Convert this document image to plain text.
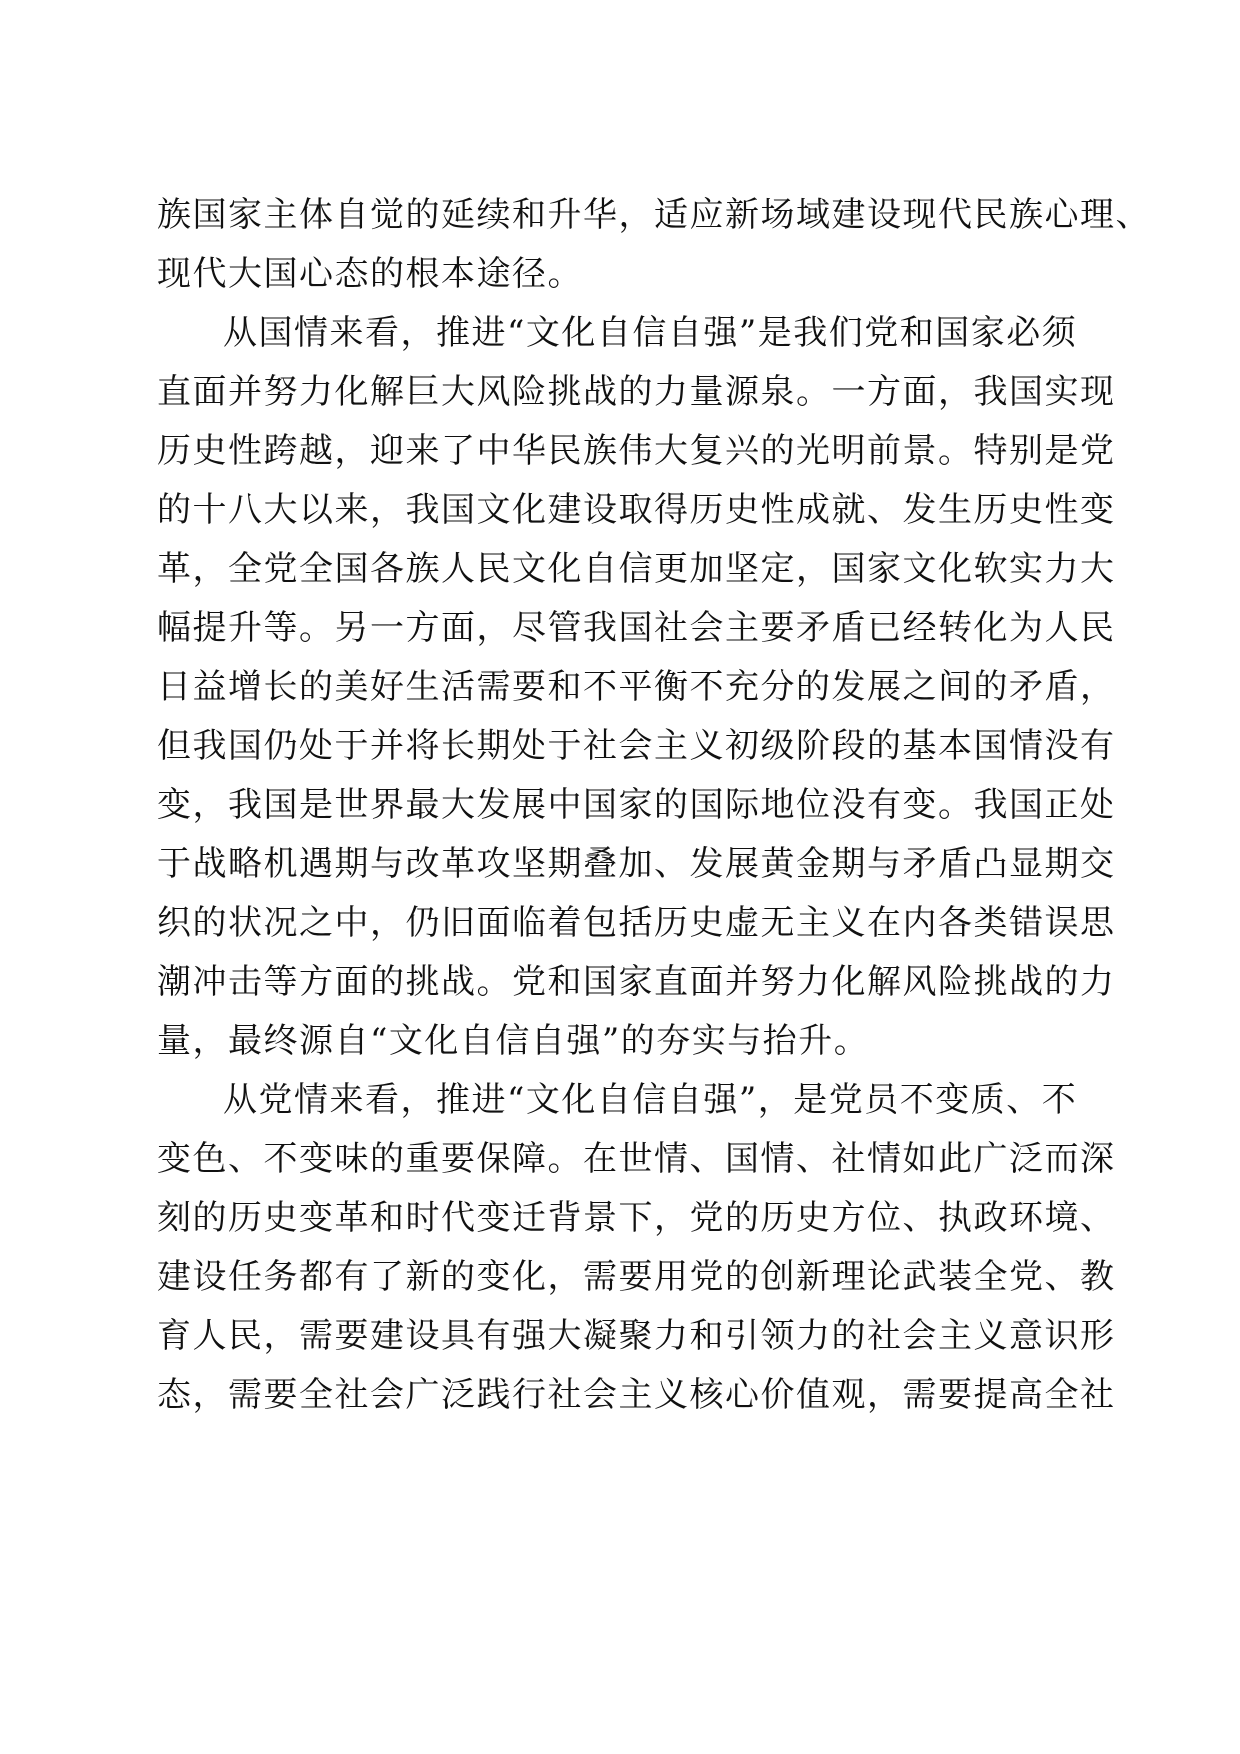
族国家主体自觉的延续和升华，适应新场域建设现代民族心理、
现代大国心态的根本途径。
从国情来看，推进“文化自信自强”是我们党和国家必须
直面并努力化解巨大风险挑战的力量源泉。一方面，我国实现
历史性跨越，迎来了中华民族伟大复兴的光明前景。特别是党
的十八大以来，我国文化建设取得历史性成就、发生历史性变
革，全党全国各族人民文化自信更加坚定，国家文化软实力大
幅提升等。另一方面，尽管我国社会主要矛盾已经转化为人民
日益增长的美好生活需要和不平衡不充分的发展之间的矛盾，
但我国仍处于并将长期处于社会主义初级阶段的基本国情没有
变，我国是世界最大发展中国家的国际地位没有变。我国正处
于战略机遇期与改革攻坚期叠加、发展黄金期与矛盾凸显期交
织的状况之中，仍旧面临着包括历史虚无主义在内各类错误思
潮冲击等方面的挑战。党和国家直面并努力化解风险挑战的力
量，最终源自“文化自信自强”的夯实与抬升。
从党情来看，推进“文化自信自强”，是党员不变质、不
变色、不变味的重要保障。在世情、国情、社情如此广泛而深
刻的历史变革和时代变迁背景下，党的历史方位、执政环境、
建设任务都有了新的变化，需要用党的创新理论武装全党、教
育人民，需要建设具有强大凝聚力和引领力的社会主义意识形
态，需要全社会广泛践行社会主义核心价值观，需要提高全社
